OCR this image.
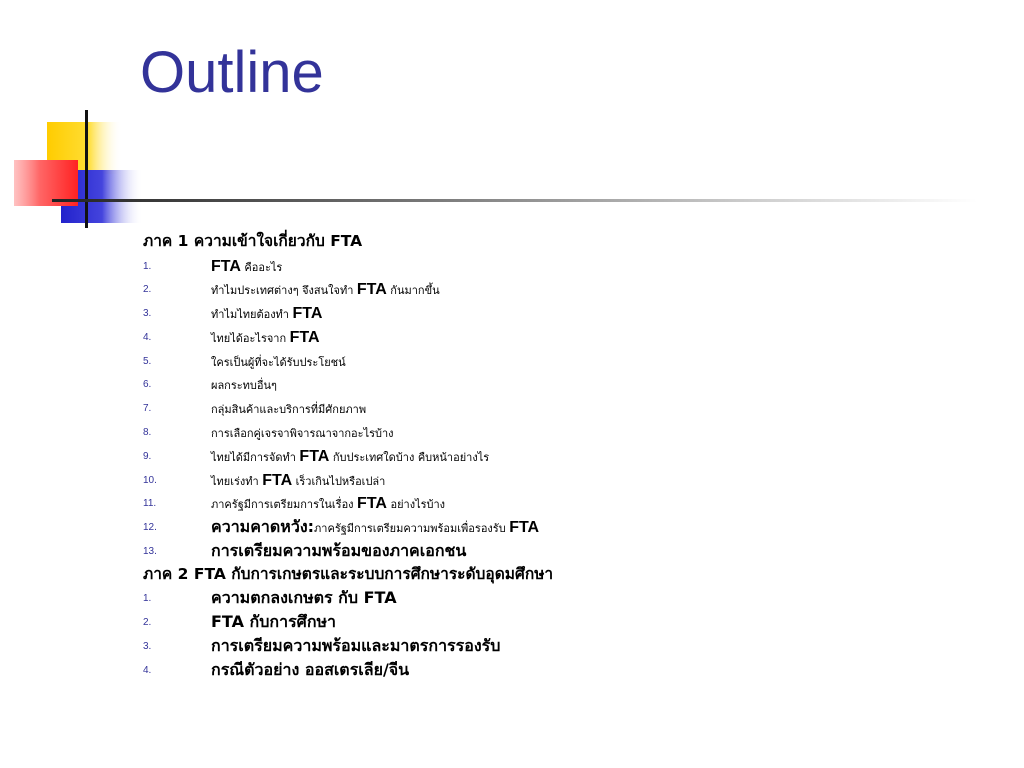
Outline
ภาค 1 ความเข้าใจเกี่ยวกับ FTA
1.	FTA คืออะไร
2.	ทำไมประเทศต่างๆ จึงสนใจทำ FTA กันมากขึ้น
3.	ทำไมไทยต้องทำ FTA
4.	ไทยได้อะไรจาก FTA
5.	ใครเป็นผู้ที่จะได้รับประโยชน์
6.	ผลกระทบอื่นๆ
7.	กลุ่มสินค้าและบริการที่มีศักยภาพ
8.	การเลือกคู่เจรจาพิจารณาจากอะไรบ้าง
9.	ไทยได้มีการจัดทำ FTA กับประเทศใดบ้าง คืบหน้าอย่างไร
10.	ไทยเร่งทำ FTA เร็วเกินไปหรือเปล่า
11.	ภาครัฐมีการเตรียมการในเรื่อง FTA อย่างไรบ้าง
12.	ความคาดหวัง:ภาครัฐมีการเตรียมความพร้อมเพื่อรองรับ FTA
13.	การเตรียมความพร้อมของภาคเอกชน
ภาค 2 FTA กับการเกษตรและระบบการศึกษาระดับอุดมศึกษา
1.	ความตกลงเกษตร กับ FTA
2.	FTA กับการศึกษา
3.	การเตรียมความพร้อมและมาตรการรองรับ
4.	กรณีตัวอย่าง ออสเตรเลีย/จีน
